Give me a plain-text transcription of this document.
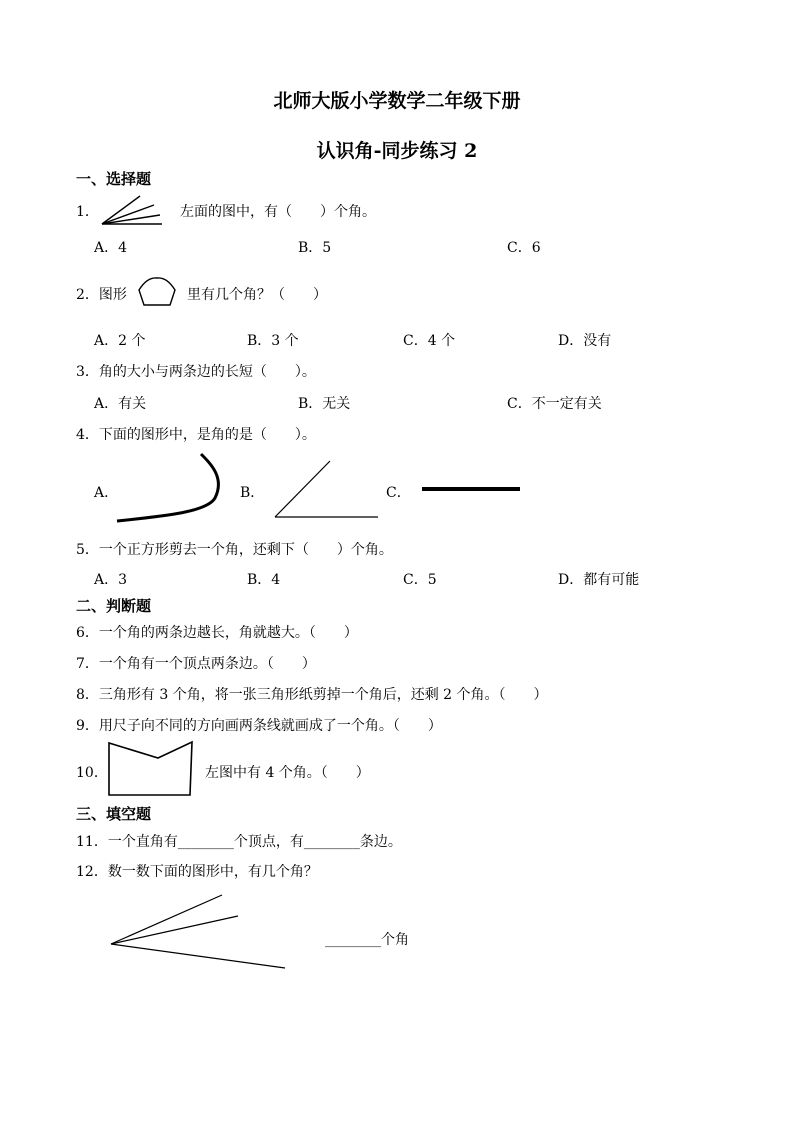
北师大版小学数学二年级下册
认识角-同步练习 2
一、选择题
1．	左面的图中，有（　　）个角。
A．4	B．5	C．6
2．图形	里有几个角？（　　）
A．2 个	B．3 个	C．4 个	D．没有
3．角的大小与两条边的长短（　　）。
A．有关	B．无关	C．不一定有关
4．下面的图形中，是角的是（　　）。
A．	B．	C．
5．一个正方形剪去一个角，还剩下（　　）个角。
A．3	B．4	C．5	D．都有可能
二、判断题
6．一个角的两条边越长，角就越大。（　　）
7．一个角有一个顶点两条边。（　　）
8．三角形有 3 个角，将一张三角形纸剪掉一个角后，还剩 2 个角。（　　）
9．用尺子向不同的方向画两条线就画成了一个角。（　　）
10．	左图中有 4 个角。（　　）
三、填空题
11．一个直角有________个顶点，有________条边。
12．数一数下面的图形中，有几个角？
________个角
